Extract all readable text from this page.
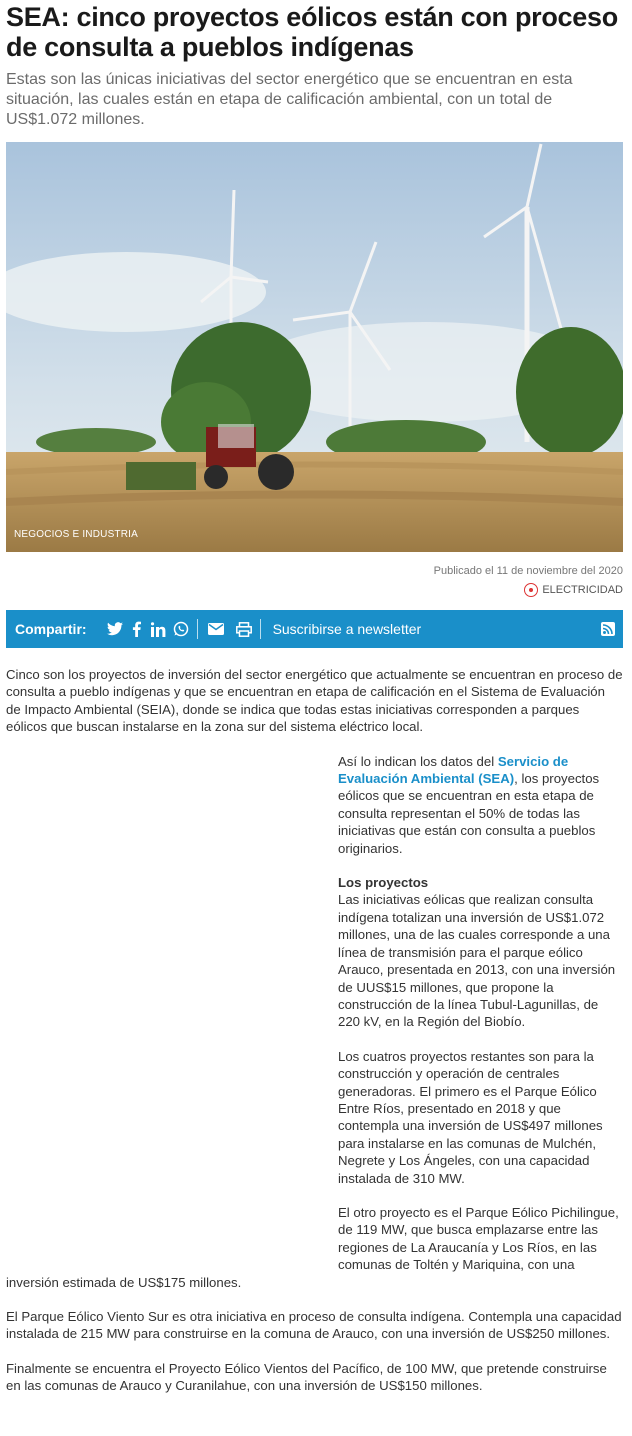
SEA: cinco proyectos eólicos están con proceso de consulta a pueblos indígenas

Estas son las únicas iniciativas del sector energético que se encuentran en esta situación, las cuales están en etapa de calificación ambiental, con un total de US$1.072 millones.

NEGOCIOS E INDUSTRIA
Publicado el 11 de noviembre del 2020
ELECTRICIDAD
Compartir:	Suscribirse a newsletter

Cinco son los proyectos de inversión del sector energético que actualmente se encuentran en proceso de consulta a pueblo indígenas y que se encuentran en etapa de calificación en el Sistema de Evaluación de Impacto Ambiental (SEIA), donde se indica que todas estas iniciativas corresponden a parques eólicos que buscan instalarse en la zona sur del sistema eléctrico local.

Así lo indican los datos del Servicio de Evaluación Ambiental (SEA), los proyectos eólicos que se encuentran en esta etapa de consulta representan el 50% de todas las iniciativas que están con consulta a pueblos originarios.

Los proyectos
Las iniciativas eólicas que realizan consulta indígena totalizan una inversión de US$1.072 millones, una de las cuales corresponde a una línea de transmisión para el parque eólico Arauco, presentada en 2013, con una inversión de UUS$15 millones, que propone la construcción de la línea Tubul-Lagunillas, de 220 kV, en la Región del Biobío.

Los cuatros proyectos restantes son para la construcción y operación de centrales generadoras. El primero es el Parque Eólico Entre Ríos, presentado en 2018 y que contempla una inversión de US$497 millones para instalarse en las comunas de Mulchén, Negrete y Los Ángeles, con una capacidad instalada de 310 MW.

El otro proyecto es el Parque Eólico Pichilingue, de 119 MW, que busca emplazarse entre las regiones de La Araucanía y Los Ríos, en las comunas de Toltén y Mariquina, con una inversión estimada de US$175 millones.

El Parque Eólico Viento Sur es otra iniciativa en proceso de consulta indígena. Contempla una capacidad instalada de 215 MW para construirse en la comuna de Arauco, con una inversión de US$250 millones.

Finalmente se encuentra el Proyecto Eólico Vientos del Pacífico, de 100 MW, que pretende construirse en las comunas de Arauco y Curanilahue, con una inversión de US$150 millones.
